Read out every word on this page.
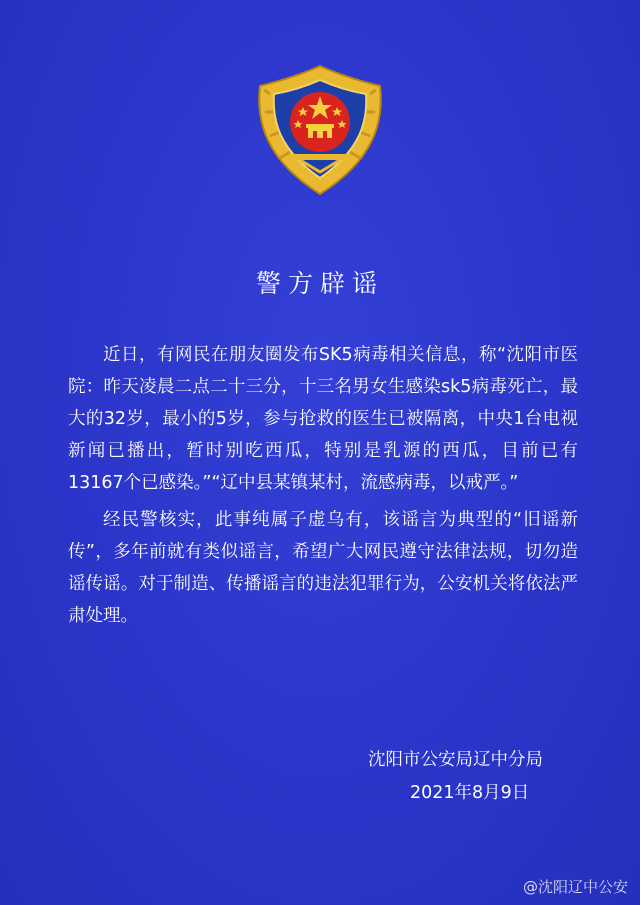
警方辟谣

近日，有网民在朋友圈发布SK5病毒相关信息，称“沈阳市医院：昨天凌晨二点二十三分，十三名男女生感染sk5病毒死亡，最大的32岁，最小的5岁，参与抢救的医生已被隔离，中央1台电视新闻已播出，暂时别吃西瓜，特别是乳源的西瓜，目前已有13167个已感染。”“辽中县某镇某村，流感病毒，以戒严。”

经民警核实，此事纯属子虚乌有，该谣言为典型的“旧谣新传”，多年前就有类似谣言，希望广大网民遵守法律法规，切勿造谣传谣。对于制造、传播谣言的违法犯罪行为，公安机关将依法严肃处理。

沈阳市公安局辽中分局
2021年8月9日
@沈阳辽中公安
